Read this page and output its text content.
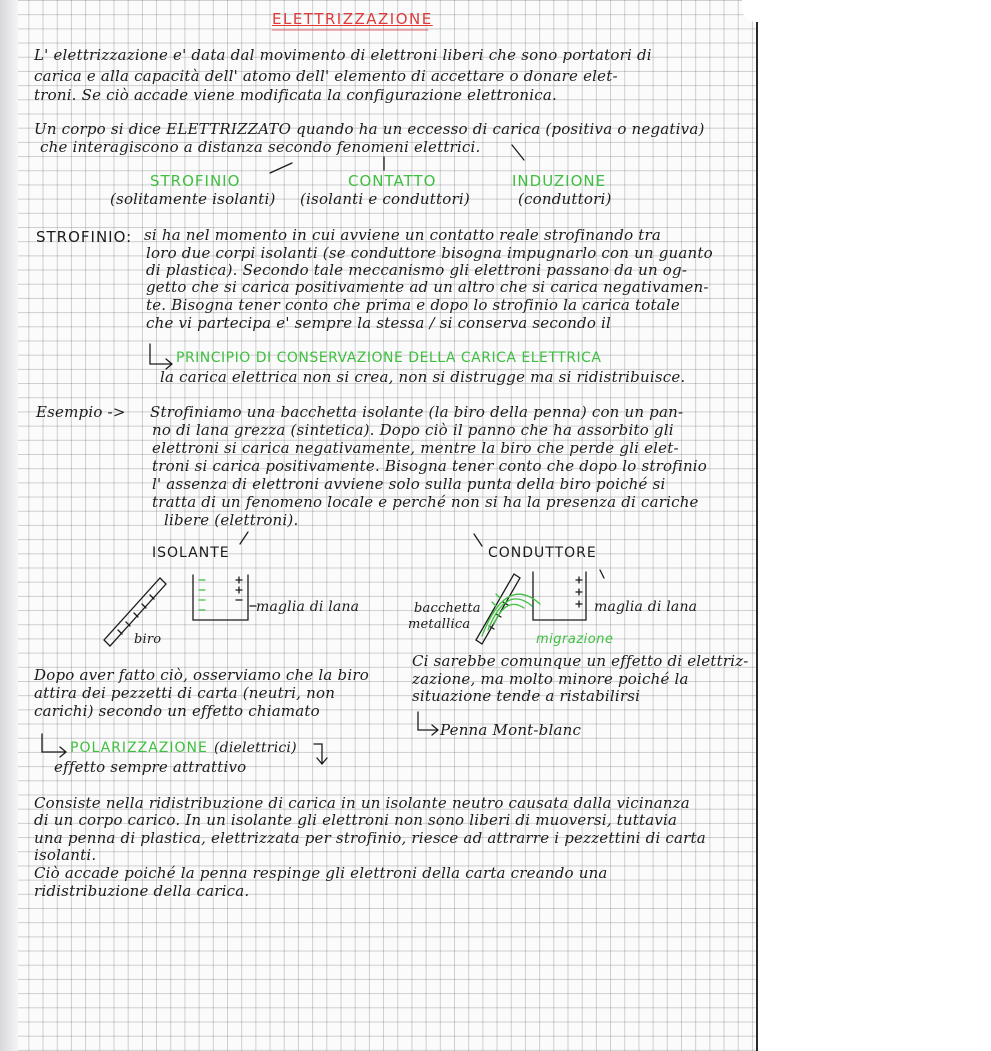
ELETTRIZZAZIONE
L' elettrizzazione e' data dal movimento di elettroni liberi che sono portatori di
carica e alla capacità dell' atomo dell' elemento di accettare o donare elet-
troni. Se ciò accade viene modificata la configurazione elettronica.
Un corpo si dice ELETTRIZZATO quando ha un eccesso di carica (positiva o negativa)
che interagiscono a distanza secondo fenomeni elettrici.
STROFINIO
(solitamente isolanti)
CONTATTO
(isolanti e conduttori)
INDUZIONE
(conduttori)
STROFINIO: si ha nel momento in cui avviene un contatto reale strofinando tra
loro due corpi isolanti (se conduttore bisogna impugnarlo con un guanto
di plastica). Secondo tale meccanismo gli elettroni passano da un og-
getto che si carica positivamente ad un altro che si carica negativamen-
te. Bisogna tener conto che prima e dopo lo strofinio la carica totale
che vi partecipa e' sempre la stessa / si conserva secondo il
PRINCIPIO DI CONSERVAZIONE DELLA CARICA ELETTRICA
la carica elettrica non si crea, non si distrugge ma si ridistribuisce.
Esempio -> Strofiniamo una bacchetta isolante (la biro della penna) con un pan-
no di lana grezza (sintetica). Dopo ciò il panno che ha assorbito gli
elettroni si carica negativamente, mentre la biro che perde gli elet-
troni si carica positivamente. Bisogna tener conto che dopo lo strofinio
l' assenza di elettroni avviene solo sulla punta della biro poiché si
tratta di un fenomeno locale e perché non si ha la presenza di cariche
libere (elettroni).
ISOLANTE	CONDUTTORE
biro
maglia di lana	maglia di lana
bacchetta
metallica
migrazione
Ci sarebbe comunque un effetto di elettriz-
zazione, ma molto minore poiché la
situazione tende a ristabilirsi
Penna Mont-blanc
Dopo aver fatto ciò, osserviamo che la biro
attira dei pezzetti di carta (neutri, non
carichi) secondo un effetto chiamato
POLARIZZAZIONE (dielettrici)
effetto sempre attrattivo
Consiste nella ridistribuzione di carica in un isolante neutro causata dalla vicinanza
di un corpo carico. In un isolante gli elettroni non sono liberi di muoversi, tuttavia
una penna di plastica, elettrizzata per strofinio, riesce ad attrarre i pezzettini di carta
isolanti.
Ciò accade poiché la penna respinge gli elettroni della carta creando una
ridistribuzione della carica.
